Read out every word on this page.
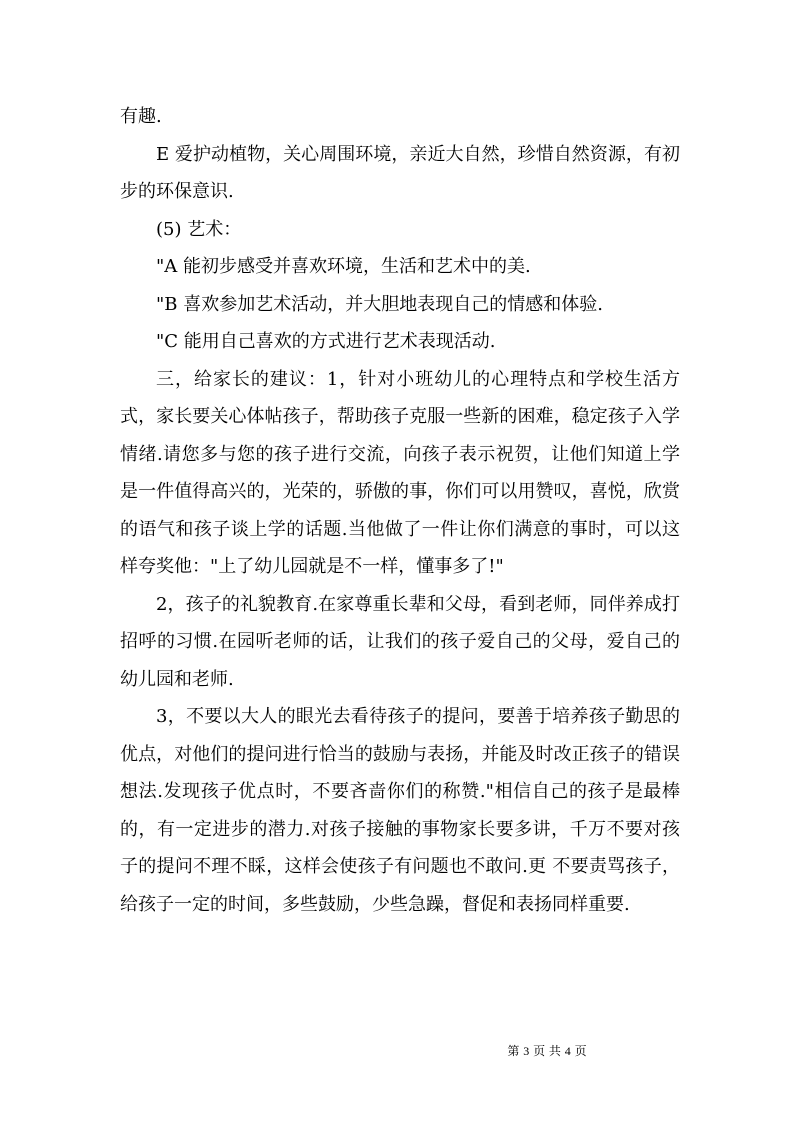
有趣.

E 爱护动植物，关心周围环境，亲近大自然，珍惜自然资源，有初步的环保意识.

(5) 艺术：

"A 能初步感受并喜欢环境，生活和艺术中的美.

"B 喜欢参加艺术活动，并大胆地表现自己的情感和体验.

"C 能用自己喜欢的方式进行艺术表现活动.

三，给家长的建议：1，针对小班幼儿的心理特点和学校生活方式，家长要关心体帖孩子，帮助孩子克服一些新的困难，稳定孩子入学情绪.请您多与您的孩子进行交流，向孩子表示祝贺，让他们知道上学是一件值得高兴的，光荣的，骄傲的事，你们可以用赞叹，喜悦，欣赏的语气和孩子谈上学的话题.当他做了一件让你们满意的事时，可以这样夸奖他："上了幼儿园就是不一样，懂事多了!"

2，孩子的礼貌教育.在家尊重长辈和父母，看到老师，同伴养成打招呼的习惯.在园听老师的话，让我们的孩子爱自己的父母，爱自己的幼儿园和老师.

3，不要以大人的眼光去看待孩子的提问，要善于培养孩子勤思的优点，对他们的提问进行恰当的鼓励与表扬，并能及时改正孩子的错误想法.发现孩子优点时，不要吝啬你们的称赞."相信自己的孩子是最棒的，有一定进步的潜力.对孩子接触的事物家长要多讲，千万不要对孩子的提问不理不睬，这样会使孩子有问题也不敢问.更 不要责骂孩子，给孩子一定的时间，多些鼓励，少些急躁，督促和表扬同样重要.

第 3 页 共 4 页
